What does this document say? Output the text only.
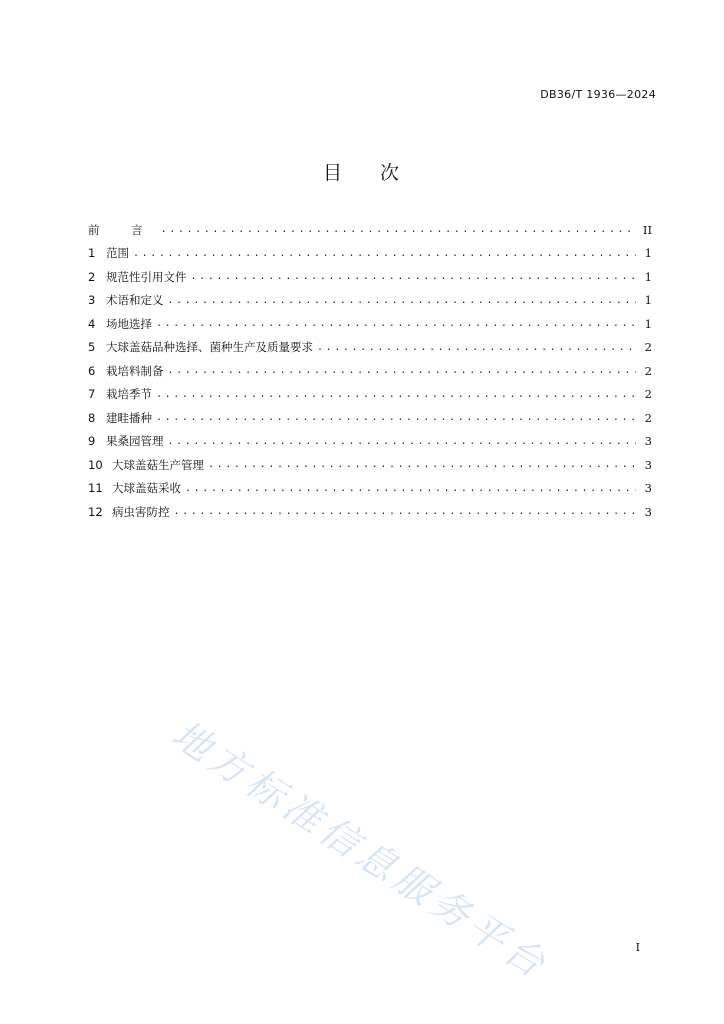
DB36/T 1936—2024
目 次
前 言 .....	II
1 范围 .....	1
2 规范性引用文件 .....	1
3 术语和定义 .....	1
4 场地选择 .....	1
5 大球盖菇品种选择、菌种生产及质量要求 .....	2
6 栽培料制备 .....	2
7 栽培季节 .....	2
8 建畦播种 .....	2
9 果桑园管理 .....	3
10 大球盖菇生产管理 .....	3
11 大球盖菇采收 .....	3
12 病虫害防控 .....	3
地方标准信息服务平台	I
